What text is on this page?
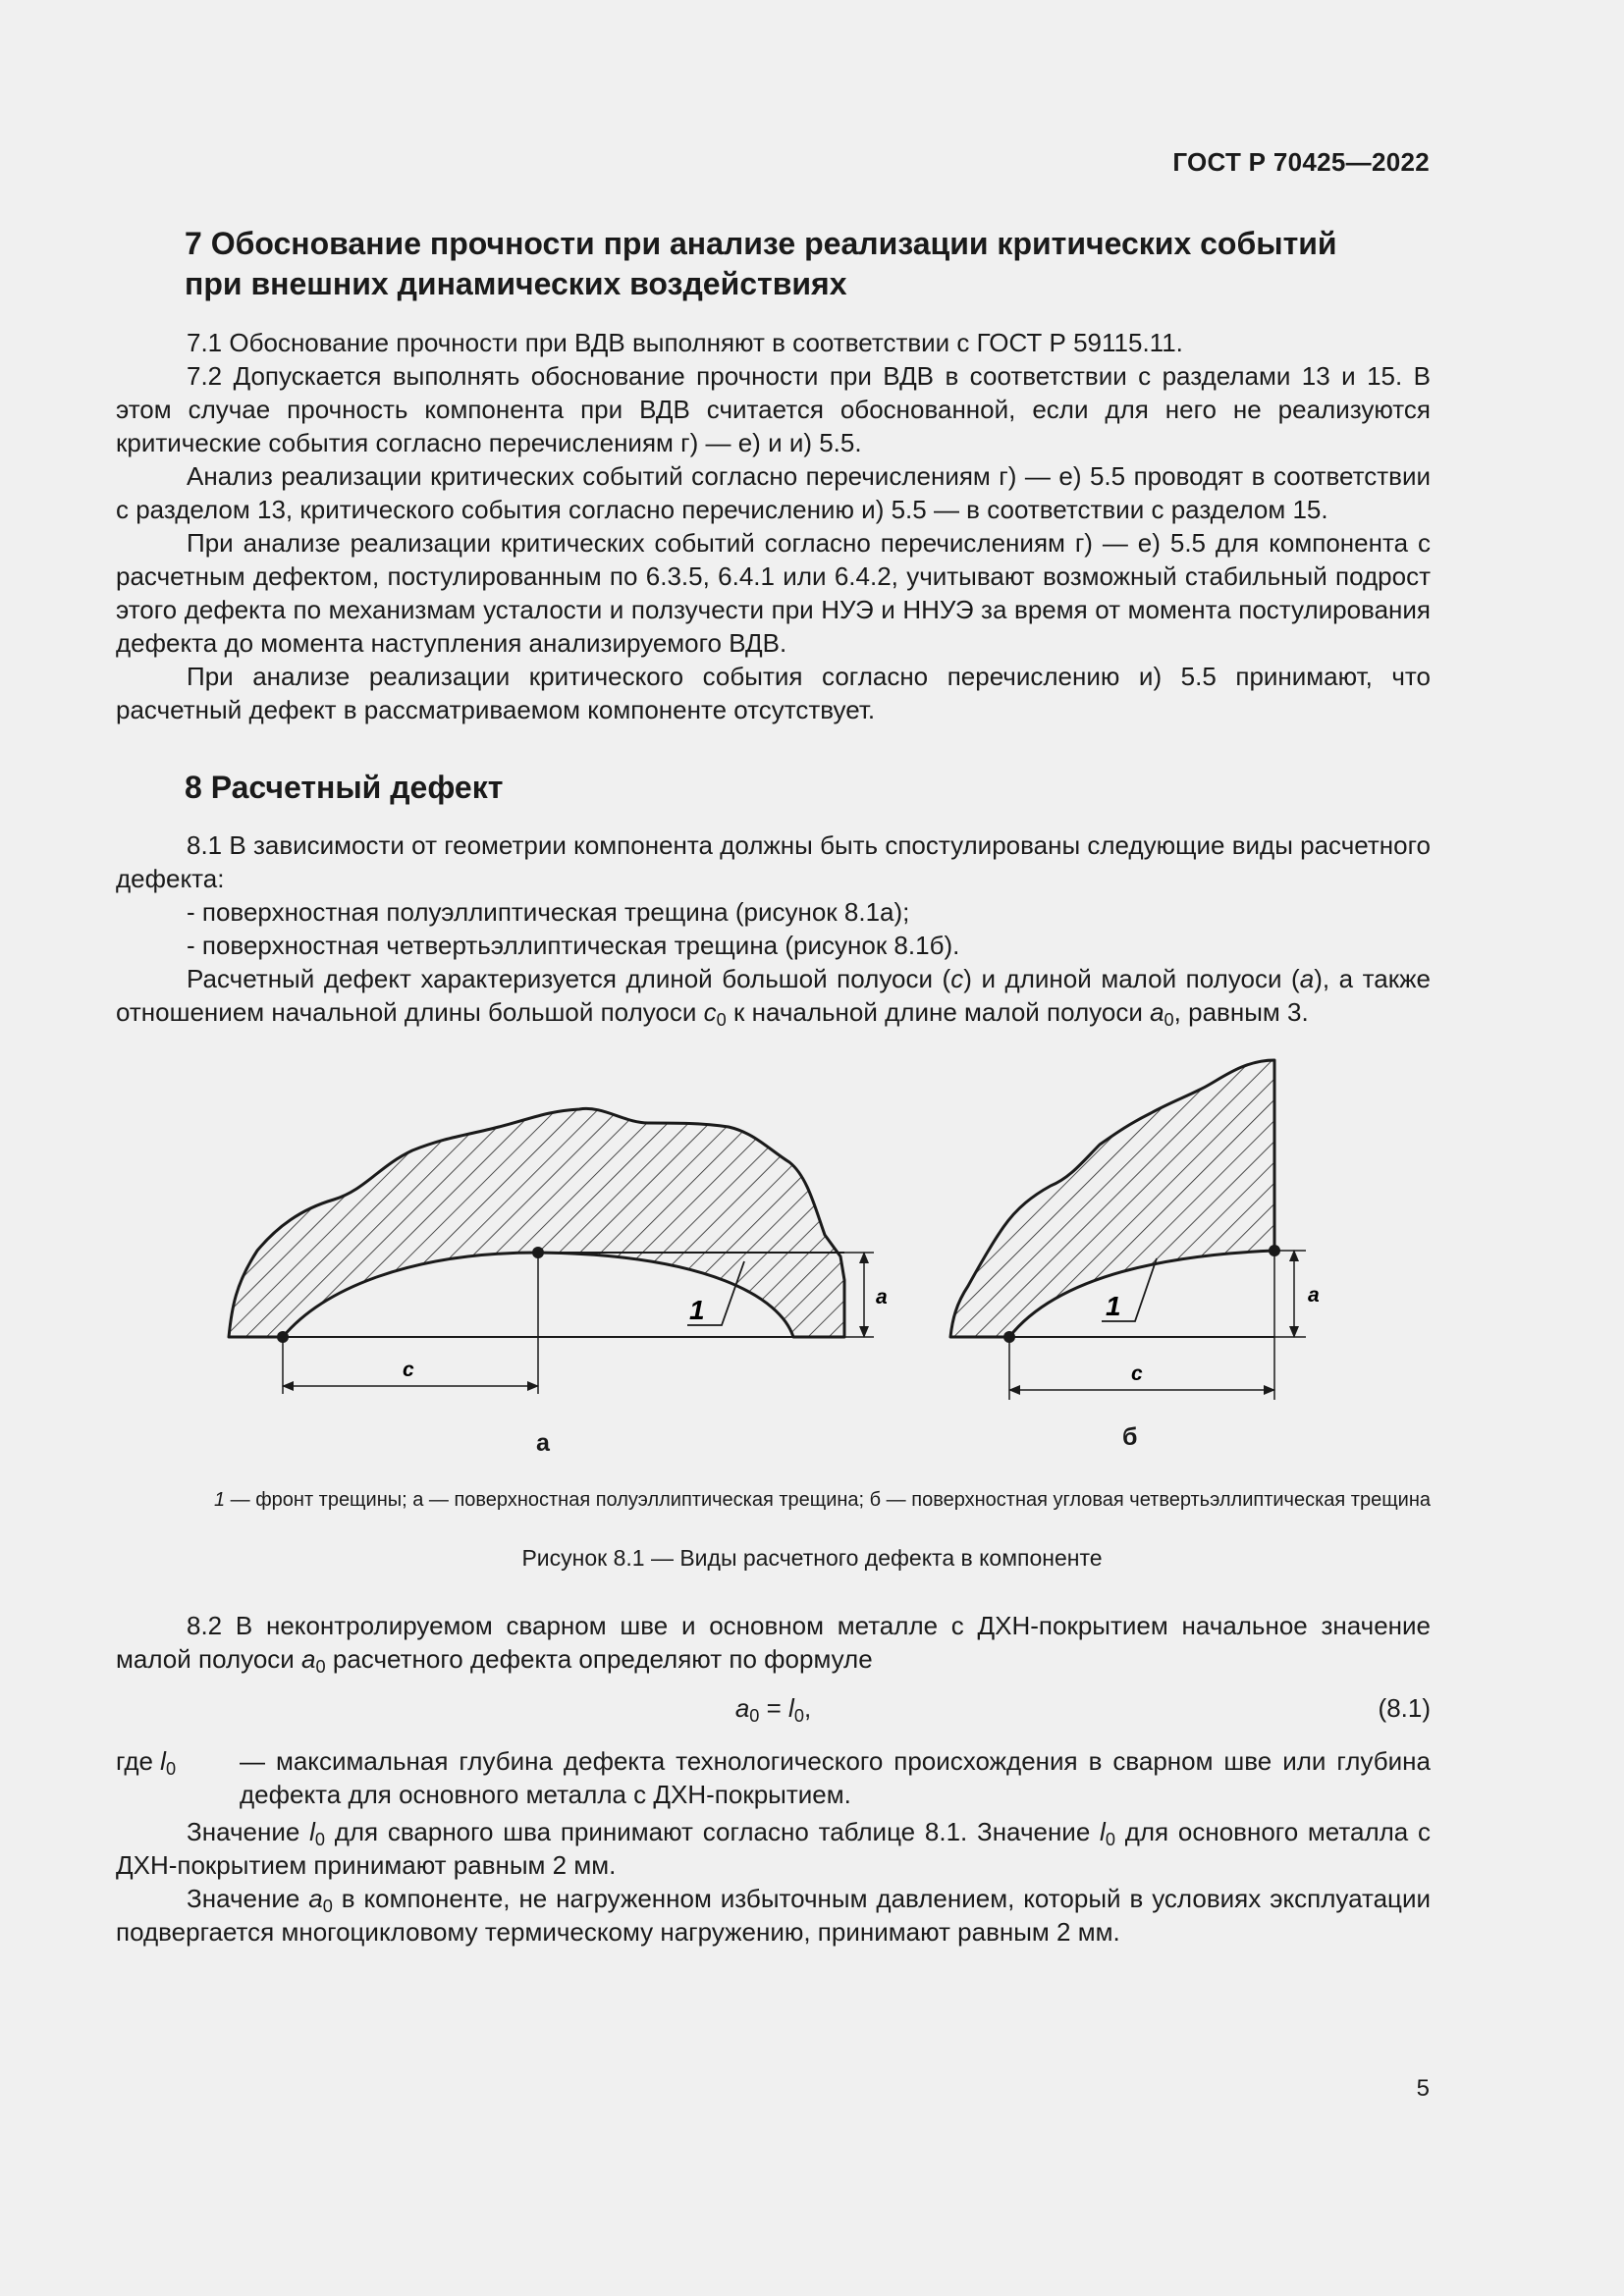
ГОСТ Р 70425—2022
7 Обоснование прочности при анализе реализации критических событий при внешних динамических воздействиях

7.1 Обоснование прочности при ВДВ выполняют в соответствии с ГОСТ Р 59115.11.

7.2 Допускается выполнять обоснование прочности при ВДВ в соответствии с разделами 13 и 15. В этом случае прочность компонента при ВДВ считается обоснованной, если для него не реализуются критические события согласно перечислениям г) — е) и и) 5.5.

Анализ реализации критических событий согласно перечислениям г) — е) 5.5 проводят в соответствии с разделом 13, критического события согласно перечислению и) 5.5 — в соответствии с разделом 15.

При анализе реализации критических событий согласно перечислениям г) — е) 5.5 для компонента с расчетным дефектом, постулированным по 6.3.5, 6.4.1 или 6.4.2, учитывают возможный стабильный подрост этого дефекта по механизмам усталости и ползучести при НУЭ и ННУЭ за время от момента постулирования дефекта до момента наступления анализируемого ВДВ.

При анализе реализации критического события согласно перечислению и) 5.5 принимают, что расчетный дефект в рассматриваемом компоненте отсутствует.

8 Расчетный дефект

8.1 В зависимости от геометрии компонента должны быть спостулированы следующие виды расчетного дефекта:

- поверхностная полуэллиптическая трещина (рисунок 8.1а);

- поверхностная четвертьэллиптическая трещина (рисунок 8.1б).

Расчетный дефект характеризуется длиной большой полуоси (c) и длиной малой полуоси (a), а также отношением начальной длины большой полуоси $c_0$ к начальной длине малой полуоси $a_0$, равным 3.

c
a
1
c
a
1
а	б
1 — фронт трещины; а — поверхностная полуэллиптическая трещина; б — поверхностная угловая четвертьэллиптическая трещина
Рисунок 8.1 — Виды расчетного дефекта в компоненте

8.2 В неконтролируемом сварном шве и основном металле с ДХН-покрытием начальное значение малой полуоси $a_0$ расчетного дефекта определяют по формуле

$a_0 = l_0$,	(8.1)
где $l_0$ — максимальная глубина дефекта технологического происхождения в сварном шве или глубина дефекта для основного металла с ДХН-покрытием.

Значение $l_0$ для сварного шва принимают согласно таблице 8.1. Значение $l_0$ для основного металла с ДХН-покрытием принимают равным 2 мм.

Значение $a_0$ в компоненте, не нагруженном избыточным давлением, который в условиях эксплуатации подвергается многоцикловому термическому нагружению, принимают равным 2 мм.

5
